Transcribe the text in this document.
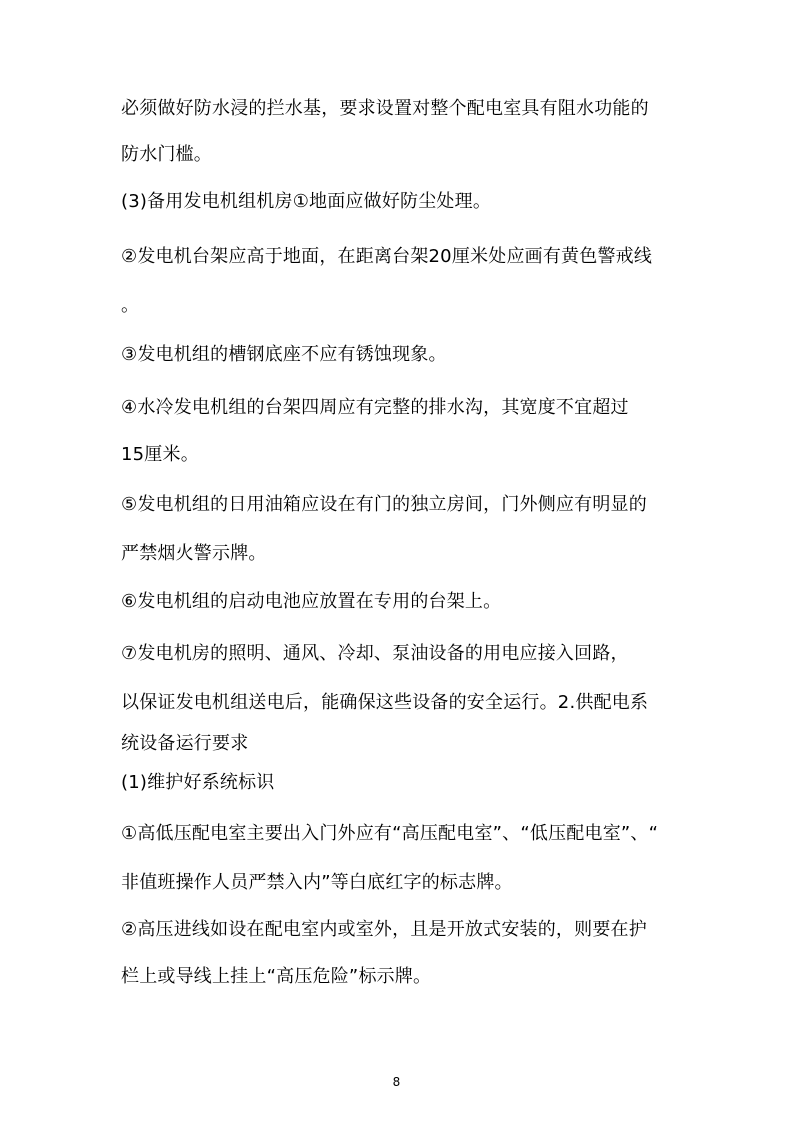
必须做好防水浸的拦水基，要求设置对整个配电室具有阻水功能的
防水门槛。
(3)备用发电机组机房①地面应做好防尘处理。
②发电机台架应高于地面，在距离台架20厘米处应画有黄色警戒线
。
③发电机组的槽钢底座不应有锈蚀现象。
④水冷发电机组的台架四周应有完整的排水沟，其宽度不宜超过
15厘米。
⑤发电机组的日用油箱应设在有门的独立房间，门外侧应有明显的
严禁烟火警示牌。
⑥发电机组的启动电池应放置在专用的台架上。
⑦发电机房的照明、通风、冷却、泵油设备的用电应接入回路，
以保证发电机组送电后，能确保这些设备的安全运行。2.供配电系
统设备运行要求
(1)维护好系统标识
①高低压配电室主要出入门外应有“高压配电室”、“低压配电室”、“
非值班操作人员严禁入内”等白底红字的标志牌。
②高压进线如设在配电室内或室外，且是开放式安装的，则要在护
栏上或导线上挂上“高压危险”标示牌。
8
